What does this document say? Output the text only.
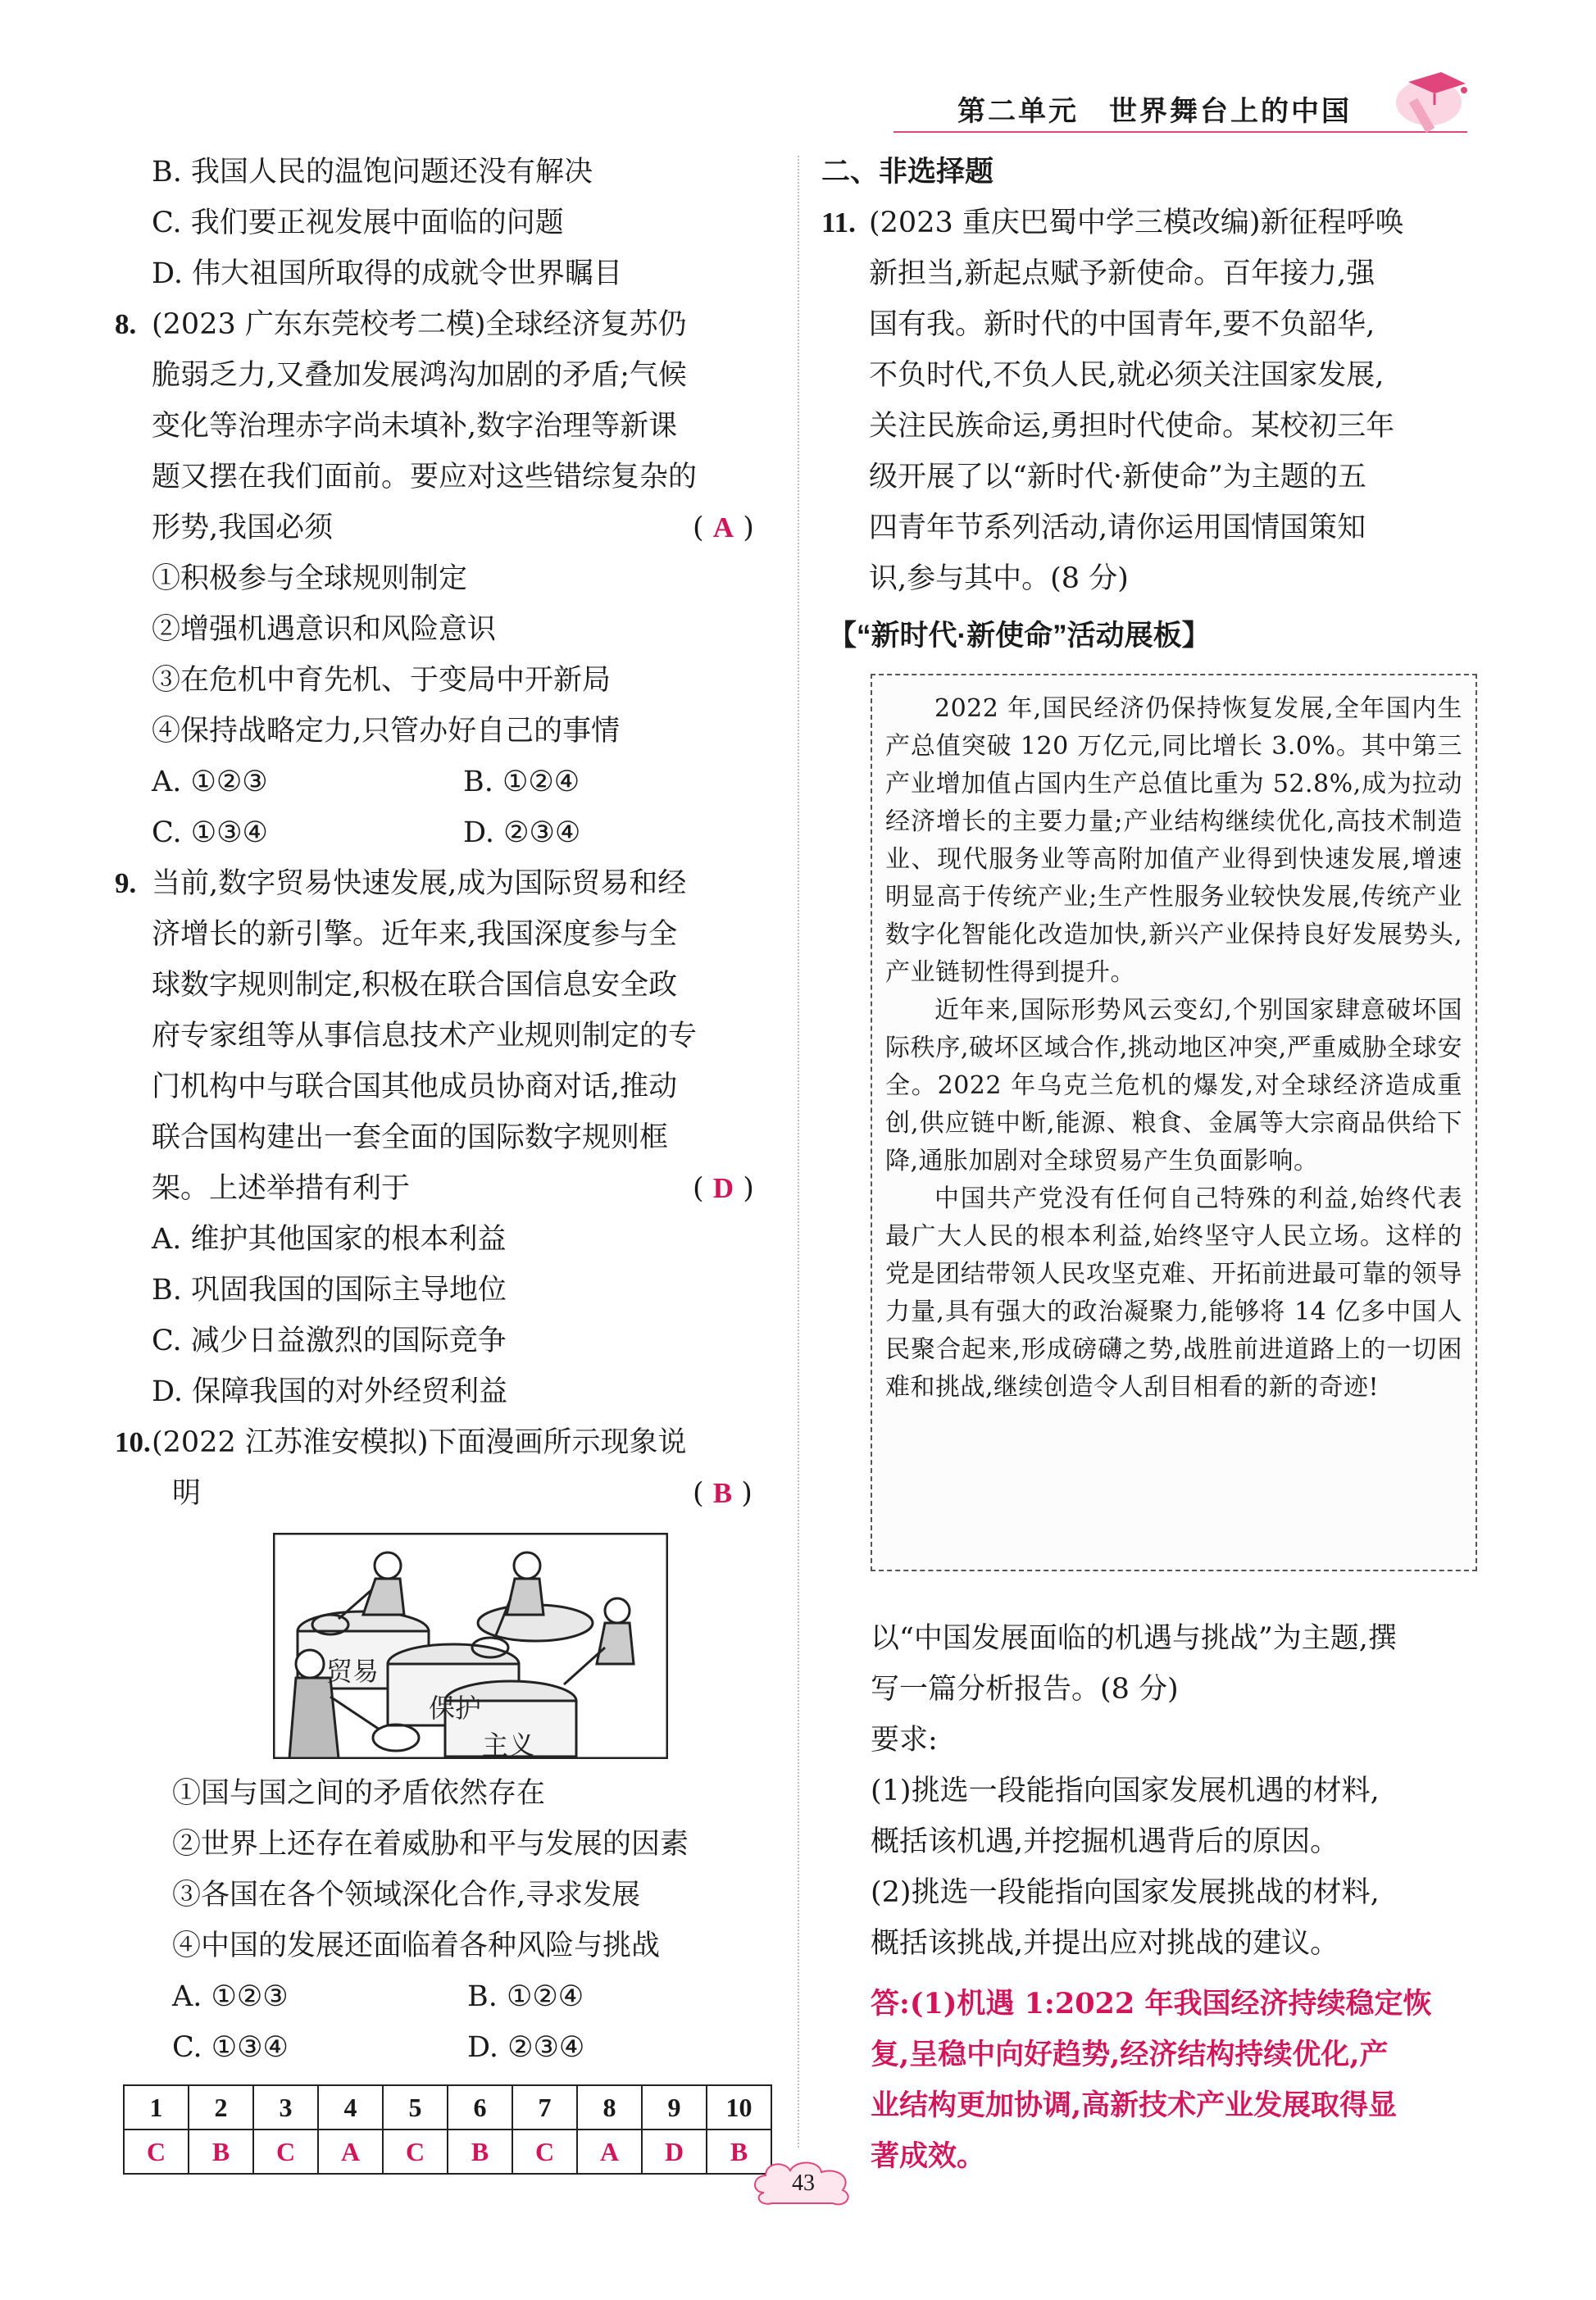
第二单元　世界舞台上的中国
B. 我国人民的温饱问题还没有解决
C. 我们要正视发展中面临的问题
D. 伟大祖国所取得的成就令世界瞩目
8. (2023 广东东莞校考二模)全球经济复苏仍
脆弱乏力,又叠加发展鸿沟加剧的矛盾;气候
变化等治理赤字尚未填补,数字治理等新课
题又摆在我们面前。要应对这些错综复杂的
形势,我国必须	( A )
①积极参与全球规则制定
②增强机遇意识和风险意识
③在危机中育先机、于变局中开新局
④保持战略定力,只管办好自己的事情
A. ①②③	B. ①②④
C. ①③④	D. ②③④
9. 当前,数字贸易快速发展,成为国际贸易和经
济增长的新引擎。近年来,我国深度参与全
球数字规则制定,积极在联合国信息安全政
府专家组等从事信息技术产业规则制定的专
门机构中与联合国其他成员协商对话,推动
联合国构建出一套全面的国际数字规则框
架。上述举措有利于	( D )
A. 维护其他国家的根本利益
B. 巩固我国的国际主导地位
C. 减少日益激烈的国际竞争
D. 保障我国的对外经贸利益
10. (2022 江苏淮安模拟)下面漫画所示现象说
明	( B )
贸易
保护
主义
①国与国之间的矛盾依然存在
②世界上还存在着威胁和平与发展的因素
③各国在各个领域深化合作,寻求发展
④中国的发展还面临着各种风险与挑战
A. ①②③	B. ①②④
C. ①③④	D. ②③④
1	2	3	4	5	6	7	8	9	10
C	B	C	A	C	B	C	A	D	B
二、非选择题
11. (2023 重庆巴蜀中学三模改编)新征程呼唤
新担当,新起点赋予新使命。百年接力,强
国有我。新时代的中国青年,要不负韶华,
不负时代,不负人民,就必须关注国家发展,
关注民族命运,勇担时代使命。某校初三年
级开展了以“新时代·新使命”为主题的五
四青年节系列活动,请你运用国情国策知
识,参与其中。(8 分)
【“新时代·新使命”活动展板】

2022 年,国民经济仍保持恢复发展,全年国内生产总值突破 120 万亿元,同比增长 3.0%。其中第三产业增加值占国内生产总值比重为 52.8%,成为拉动经济增长的主要力量;产业结构继续优化,高技术制造业、现代服务业等高附加值产业得到快速发展,增速明显高于传统产业;生产性服务业较快发展,传统产业数字化智能化改造加快,新兴产业保持良好发展势头,产业链韧性得到提升。

近年来,国际形势风云变幻,个别国家肆意破坏国际秩序,破坏区域合作,挑动地区冲突,严重威胁全球安全。2022 年乌克兰危机的爆发,对全球经济造成重创,供应链中断,能源、粮食、金属等大宗商品供给下降,通胀加剧对全球贸易产生负面影响。

中国共产党没有任何自己特殊的利益,始终代表最广大人民的根本利益,始终坚守人民立场。这样的党是团结带领人民攻坚克难、开拓前进最可靠的领导力量,具有强大的政治凝聚力,能够将 14 亿多中国人民聚合起来,形成磅礴之势,战胜前进道路上的一切困难和挑战,继续创造令人刮目相看的新的奇迹!

以“中国发展面临的机遇与挑战”为主题,撰
写一篇分析报告。(8 分)
要求:
(1)挑选一段能指向国家发展机遇的材料,
概括该机遇,并挖掘机遇背后的原因。
(2)挑选一段能指向国家发展挑战的材料,
概括该挑战,并提出应对挑战的建议。
答:(1)机遇 1:2022 年我国经济持续稳定恢
复,呈稳中向好趋势,经济结构持续优化,产
业结构更加协调,高新技术产业发展取得显
著成效。
43
